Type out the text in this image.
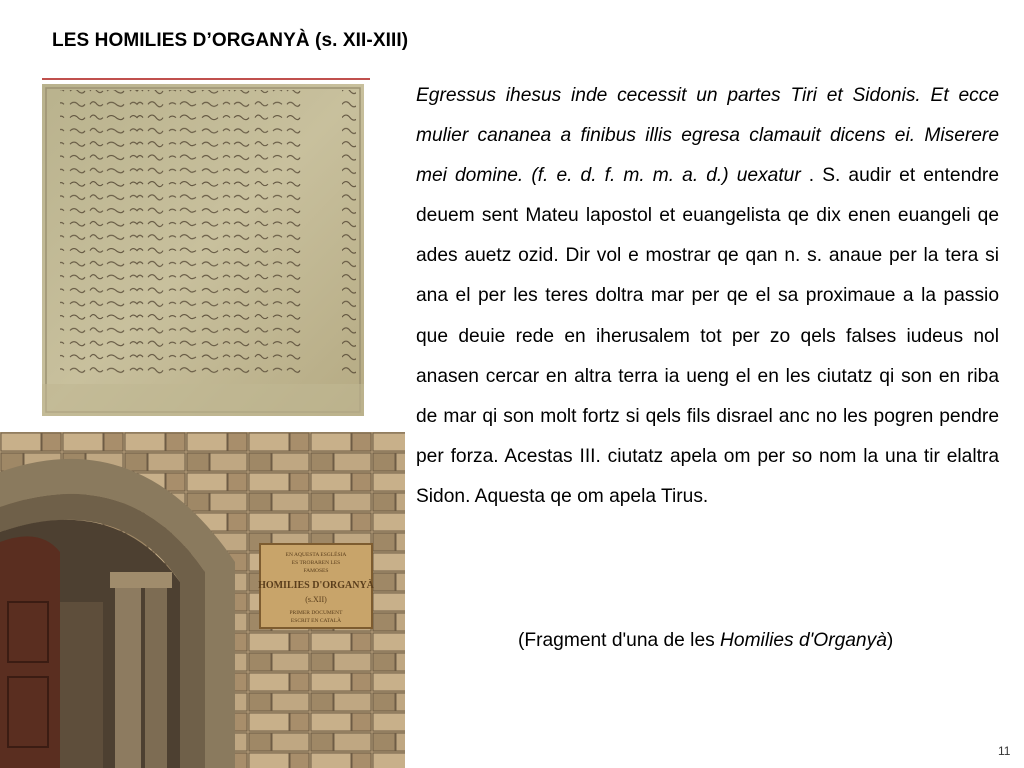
LES HOMILIES D’ORGANYÀ (s. XII-XIII)
EN AQUESTA ESGLÉSIA
ES TROBAREN LES
FAMOSES
HOMILIES D'ORGANYÀ
(s.XII)
PRIMER DOCUMENT
ESCRIT EN CATALÀ

Egressus ihesus inde cecessit un partes Tiri et Sidonis. Et ecce mulier cananea a finibus illis egresa clamauit dicens ei. Miserere mei domine. (f. e. d. f. m. m. a. d.) uexatur . S. audir et entendre deuem sent Mateu lapostol et euangelista qe dix enen euangeli qe ades auetz ozid. Dir vol e mostrar qe qan n. s. anaue per la tera si ana el per les teres doltra mar per qe el sa proximaue a la passio que deuie rede en iherusalem tot per zo qels falses iudeus nol anasen cercar en altra terra ia ueng el en les ciutatz qi son en riba de mar qi son molt fortz si qels fils disrael anc no les pogren pendre per forza. Acestas III. ciutatz apela om per so nom la una tir elaltra Sidon. Aquesta qe om apela Tirus.

(Fragment d'una de les Homilies d'Organyà)

11
